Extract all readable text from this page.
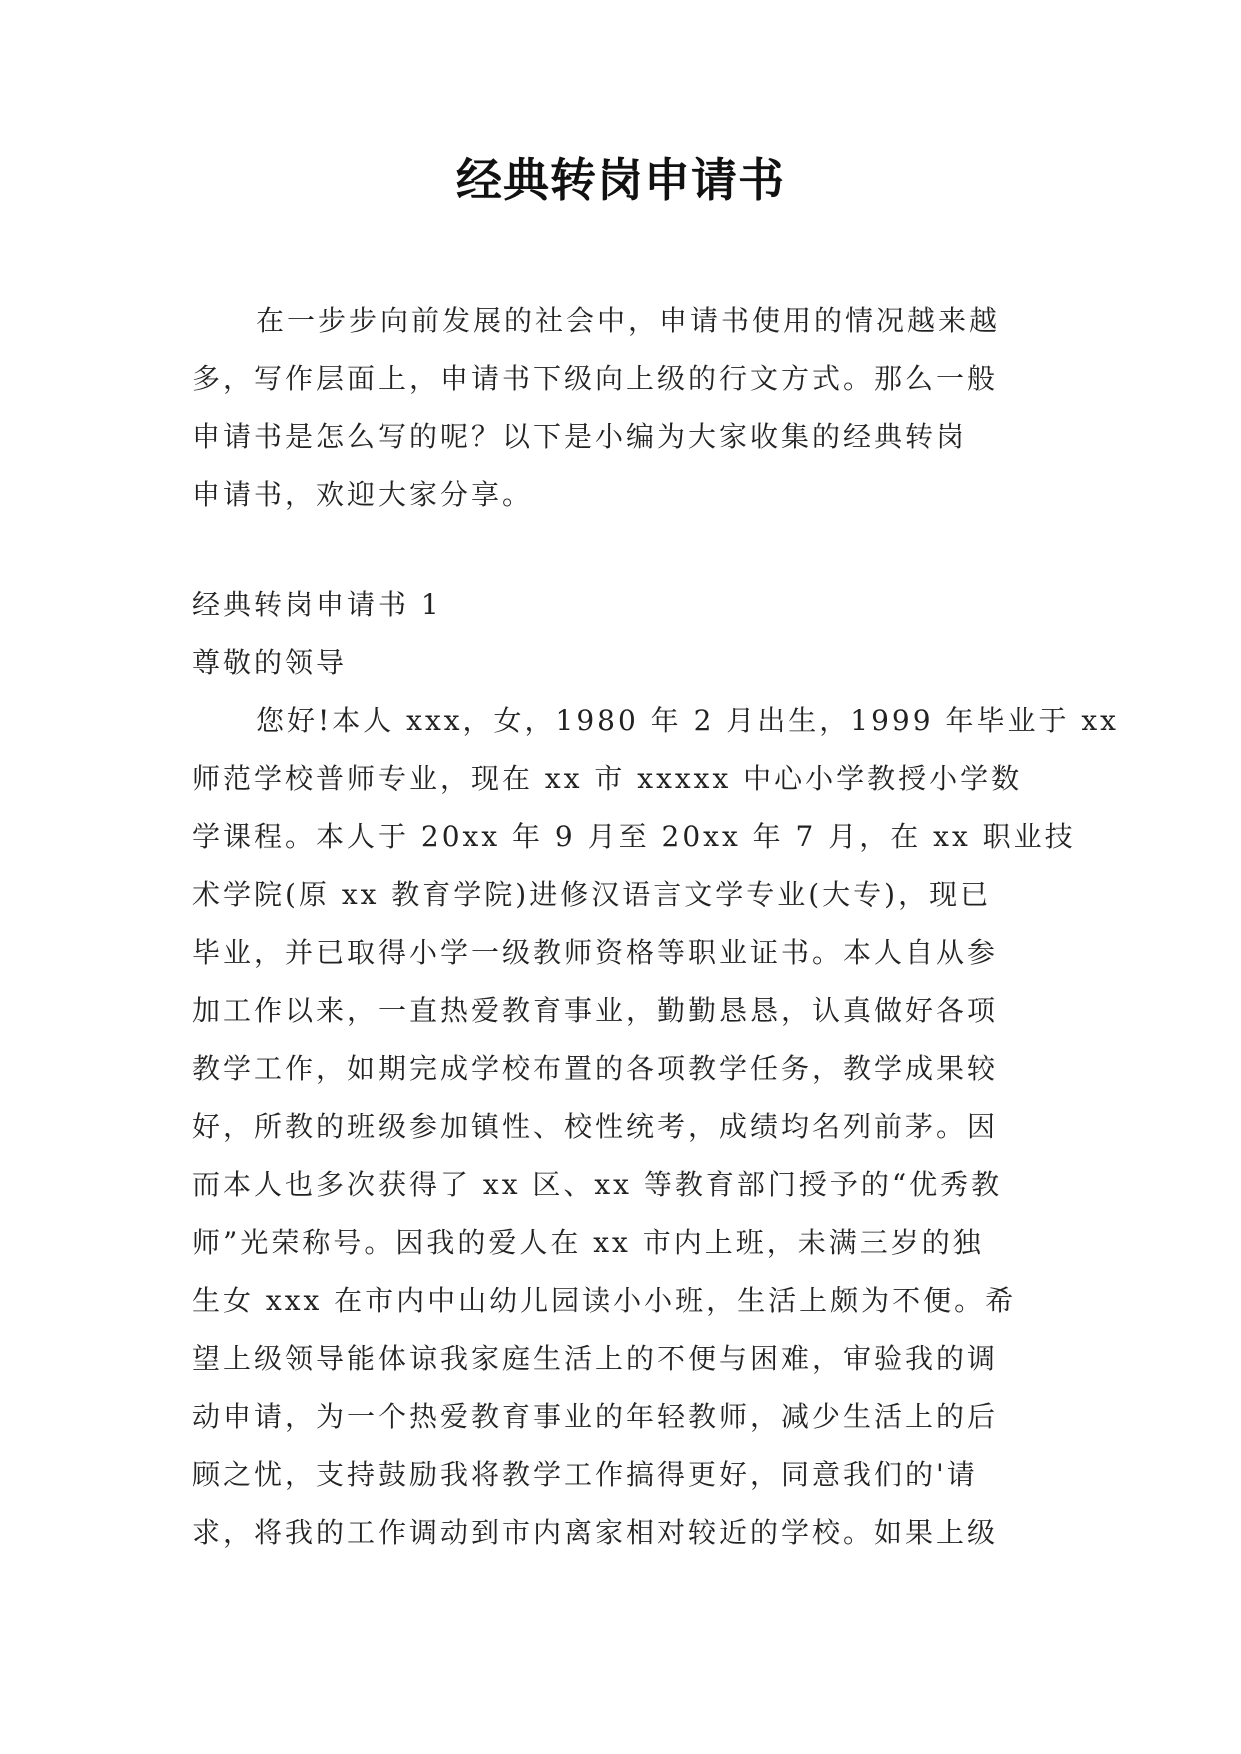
经典转岗申请书
在一步步向前发展的社会中，申请书使用的情况越来越
多，写作层面上，申请书下级向上级的行文方式。那么一般
申请书是怎么写的呢？以下是小编为大家收集的经典转岗
申请书，欢迎大家分享。
经典转岗申请书 1
尊敬的领导
您好!本人 xxx，女，1980 年 2 月出生，1999 年毕业于 xx
师范学校普师专业，现在 xx 市 xxxxx 中心小学教授小学数
学课程。本人于 20xx 年 9 月至 20xx 年 7 月，在 xx 职业技
术学院(原 xx 教育学院)进修汉语言文学专业(大专)，现已
毕业，并已取得小学一级教师资格等职业证书。本人自从参
加工作以来，一直热爱教育事业，勤勤恳恳，认真做好各项
教学工作，如期完成学校布置的各项教学任务，教学成果较
好，所教的班级参加镇性、校性统考，成绩均名列前茅。因
而本人也多次获得了 xx 区、xx 等教育部门授予的“优秀教
师”光荣称号。因我的爱人在 xx 市内上班，未满三岁的独
生女 xxx 在市内中山幼儿园读小小班，生活上颇为不便。希
望上级领导能体谅我家庭生活上的不便与困难，审验我的调
动申请，为一个热爱教育事业的年轻教师，减少生活上的后
顾之忧，支持鼓励我将教学工作搞得更好，同意我们的'请
求，将我的工作调动到市内离家相对较近的学校。如果上级
